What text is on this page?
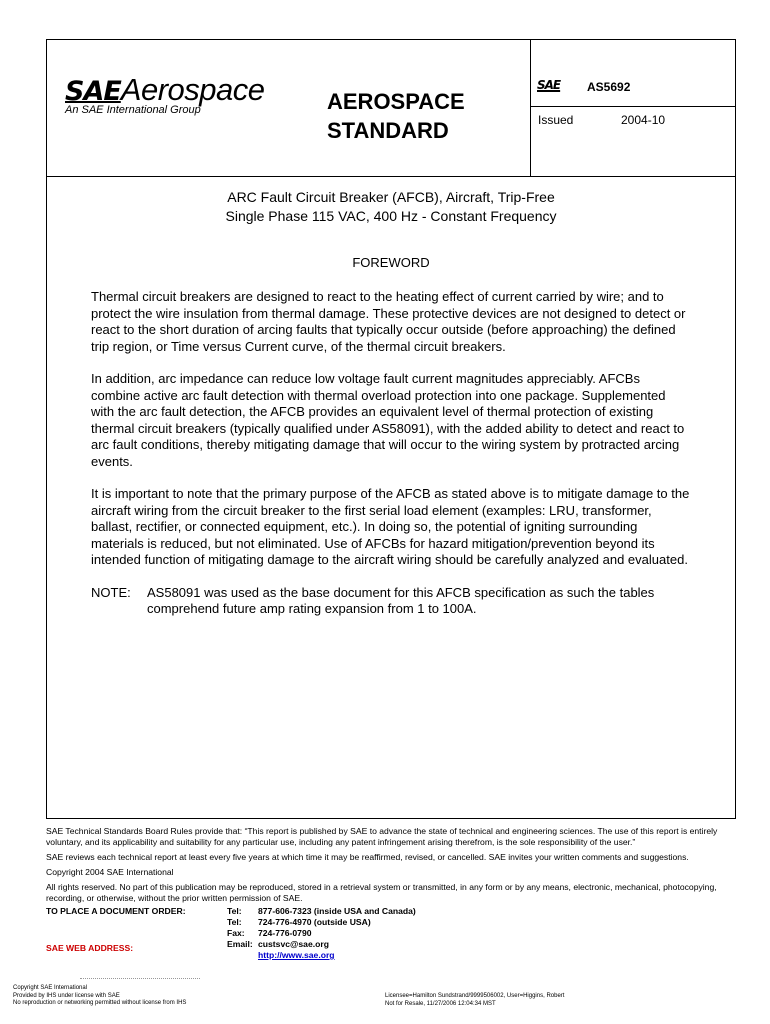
SAEAerospace
An SAE International Group	AEROSPACE
STANDARD
SAE AS5692
Issued	2004-10
ARC Fault Circuit Breaker (AFCB), Aircraft, Trip-Free
Single Phase 115 VAC, 400 Hz - Constant Frequency
FOREWORD

Thermal circuit breakers are designed to react to the heating effect of current carried by wire; and to protect the wire insulation from thermal damage. These protective devices are not designed to detect or react to the short duration of arcing faults that typically occur outside (before approaching) the defined trip region, or Time versus Current curve, of the thermal circuit breakers.

In addition, arc impedance can reduce low voltage fault current magnitudes appreciably. AFCBs combine active arc fault detection with thermal overload protection into one package. Supplemented with the arc fault detection, the AFCB provides an equivalent level of thermal protection of existing thermal circuit breakers (typically qualified under AS58091), with the added ability to detect and react to arc fault conditions, thereby mitigating damage that will occur to the wiring system by protracted arcing events.

It is important to note that the primary purpose of the AFCB as stated above is to mitigate damage to the aircraft wiring from the circuit breaker to the first serial load element (examples: LRU, transformer, ballast, rectifier, or connected equipment, etc.). In doing so, the potential of igniting surrounding materials is reduced, but not eliminated. Use of AFCBs for hazard mitigation/prevention beyond its intended function of mitigating damage to the aircraft wiring should be carefully analyzed and evaluated.

NOTE:	AS58091 was used as the base document for this AFCB specification as such the tables comprehend future amp rating expansion from 1 to 100A.

SAE Technical Standards Board Rules provide that: “This report is published by SAE to advance the state of technical and engineering sciences. The use of this report is entirely voluntary, and its applicability and suitability for any particular use, including any patent infringement arising therefrom, is the sole responsibility of the user.”

SAE reviews each technical report at least every five years at which time it may be reaffirmed, revised, or cancelled. SAE invites your written comments and suggestions.

Copyright 2004 SAE International

All rights reserved. No part of this publication may be reproduced, stored in a retrieval system or transmitted, in any form or by any means, electronic, mechanical, photocopying, recording, or otherwise, without the prior written permission of SAE.

TO PLACE A DOCUMENT ORDER:
SAE WEB ADDRESS:
Tel:	877-606-7323 (inside USA and Canada)
Tel:	724-776-4970 (outside USA)
Fax:	724-776-0790
Email: custsvc@sae.org
http://www.sae.org
Copyright SAE International
Provided by IHS under license with SAE
No reproduction or networking permitted without license from IHS
Licensee=Hamilton Sundstrand/9999506002, User=Higgins, Robert
Not for Resale, 11/27/2006 12:04:34 MST
